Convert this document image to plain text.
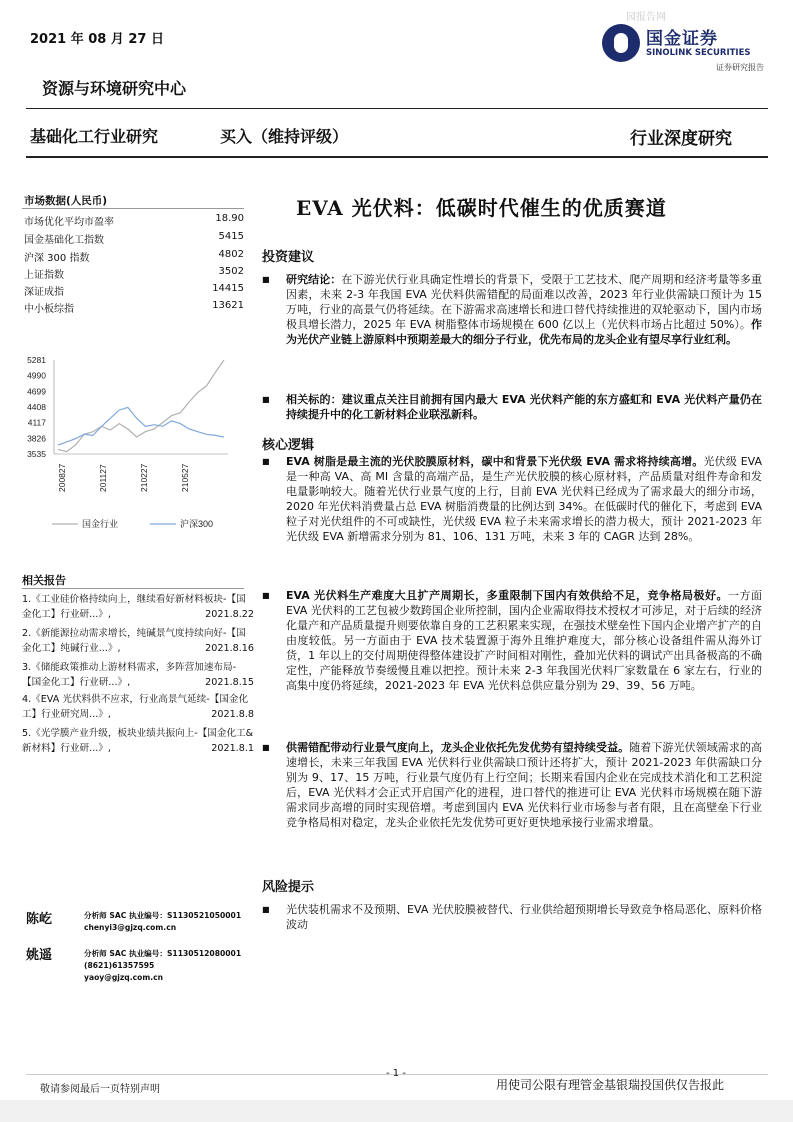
园报告网
2021 年 08 月 27 日	国金证券
SINOLINK SECURITIES
证券研究报告
资源与环境研究中心
基础化工行业研究	买入（维持评级）	行业深度研究
市场数据(人民币)
市场优化平均市盈率	18.90
国金基础化工指数	5415
沪深 300 指数	4802
上证指数	3502
深证成指	14415
中小板综指	13621
5281
4990
4699
4408
4117
3826
3535
200827	201127	210227	210527
国金行业	沪深300
相关报告
1.《工业硅价格持续向上，继续看好新材料板块-【国金化工】行业研...》,	2021.8.22
2.《新能源拉动需求增长，纯碱景气度持续向好-【国金化工】纯碱行业...》,	2021.8.16
3.《储能政策推动上游材料需求，多阵营加速布局-【国金化工】行业研...》,	2021.8.15
4.《EVA 光伏料供不应求，行业高景气延续-【国金化工】行业研究周...》,	2021.8.8
5.《光学膜产业升级，板块业绩共振向上-【国金化工&新材料】行业研...》,	2021.8.1
陈屹	分析师 SAC 执业编号：S1130521050001
chenyi3@gjzq.com.cn
姚遥	分析师 SAC 执业编号：S1130512080001
(8621)61357595
yaoy@gjzq.com.cn
EVA 光伏料：低碳时代催生的优质赛道
投资建议
■	研究结论：在下游光伏行业具确定性增长的背景下，受限于工艺技术、爬产周期和经济考量等多重因素，未来 2-3 年我国 EVA 光伏料供需错配的局面难以改善，2023 年行业供需缺口预计为 15 万吨，行业的高景气仍将延续。在下游需求高速增长和进口替代持续推进的双轮驱动下，国内市场极具增长潜力，2025 年 EVA 树脂整体市场规模在 600 亿以上（光伏料市场占比超过 50%）。作为光伏产业链上游原料中预期差最大的细分子行业，优先布局的龙头企业有望尽享行业红利。
■	相关标的：建议重点关注目前拥有国内最大 EVA 光伏料产能的东方盛虹和 EVA 光伏料产量仍在持续提升中的化工新材料企业联泓新科。
核心逻辑
■	EVA 树脂是最主流的光伏胶膜原材料，碳中和背景下光伏级 EVA 需求将持续高增。光伏级 EVA 是一种高 VA、高 MI 含量的高端产品，是生产光伏胶膜的核心原材料，产品质量对组件寿命和发电量影响较大。随着光伏行业景气度的上行，目前 EVA 光伏料已经成为了需求最大的细分市场，2020 年光伏料消费量占总 EVA 树脂消费量的比例达到 34%。在低碳时代的催化下，考虑到 EVA 粒子对光伏组件的不可或缺性，光伏级 EVA 粒子未来需求增长的潜力极大，预计 2021-2023 年光伏级 EVA 新增需求分别为 81、106、131 万吨，未来 3 年的 CAGR 达到 28%。
■	EVA 光伏料生产难度大且扩产周期长，多重限制下国内有效供给不足，竞争格局极好。一方面 EVA 光伏料的工艺包被少数跨国企业所控制，国内企业需取得技术授权才可涉足，对于后续的经济化量产和产品质量提升则要依靠自身的工艺积累来实现，在强技术壁垒性下国内企业增产扩产的自由度较低。另一方面由于 EVA 技术装置源于海外且维护难度大，部分核心设备组件需从海外订货，1 年以上的交付周期使得整体建设扩产时间相对刚性，叠加光伏料的调试产出具备极高的不确定性，产能释放节奏缓慢且难以把控。预计未来 2-3 年我国光伏料厂家数量在 6 家左右，行业的高集中度仍将延续，2021-2023 年 EVA 光伏料总供应量分别为 29、39、56 万吨。
■	供需错配带动行业景气度向上，龙头企业依托先发优势有望持续受益。随着下游光伏领域需求的高速增长，未来三年我国 EVA 光伏料行业供需缺口预计还将扩大，预计 2021-2023 年供需缺口分别为 9、17、15 万吨，行业景气度仍有上行空间；长期来看国内企业在完成技术消化和工艺积淀后，EVA 光伏料才会正式开启国产化的进程，进口替代的推进可让 EVA 光伏料市场规模在随下游需求同步高增的同时实现倍增。考虑到国内 EVA 光伏料行业市场参与者有限，且在高壁垒下行业竞争格局相对稳定，龙头企业依托先发优势可更好更快地承接行业需求增量。
风险提示
■	光伏装机需求不及预期、EVA 光伏胶膜被替代、行业供给超预期增长导致竞争格局恶化、原料价格波动
- 1 -
敬请参阅最后一页特别声明	用使司公限有理管金基银瑞投国供仅告报此
